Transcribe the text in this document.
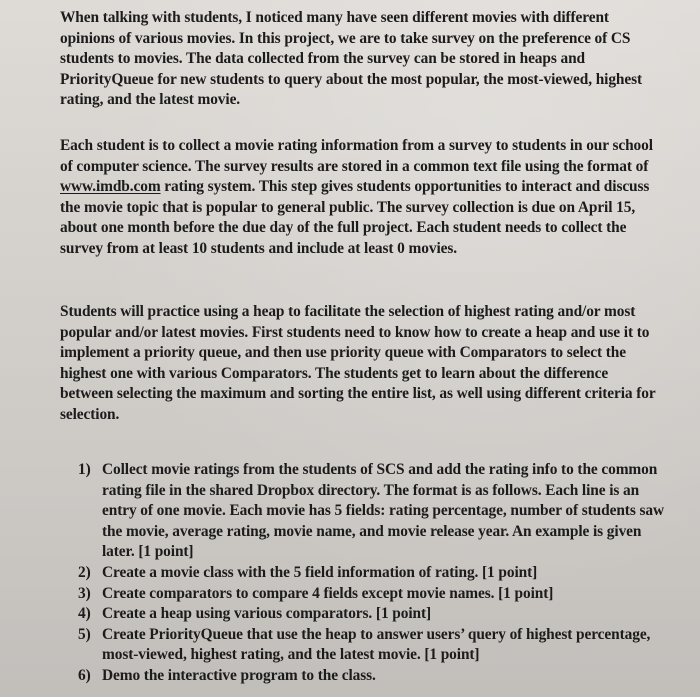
When talking with students, I noticed many have seen different movies with different opinions of various movies. In this project, we are to take survey on the preference of CS students to movies. The data collected from the survey can be stored in heaps and PriorityQueue for new students to query about the most popular, the most-viewed, highest rating, and the latest movie.

Each student is to collect a movie rating information from a survey to students in our school of computer science. The survey results are stored in a common text file using the format of www.imdb.com rating system. This step gives students opportunities to interact and discuss the movie topic that is popular to general public. The survey collection is due on April 15, about one month before the due day of the full project. Each student needs to collect the survey from at least 10 students and include at least 0 movies.

Students will practice using a heap to facilitate the selection of highest rating and/or most popular and/or latest movies. First students need to know how to create a heap and use it to implement a priority queue, and then use priority queue with Comparators to select the highest one with various Comparators. The students get to learn about the difference between selecting the maximum and sorting the entire list, as well using different criteria for selection.

1) Collect movie ratings from the students of SCS and add the rating info to the common rating file in the shared Dropbox directory. The format is as follows. Each line is an entry of one movie. Each movie has 5 fields: rating percentage, number of students saw the movie, average rating, movie name, and movie release year. An example is given later. [1 point]
2) Create a movie class with the 5 field information of rating. [1 point]
3) Create comparators to compare 4 fields except movie names. [1 point]
4) Create a heap using various comparators. [1 point]
5) Create PriorityQueue that use the heap to answer users’ query of highest percentage, most-viewed, highest rating, and the latest movie. [1 point]
6) Demo the interactive program to the class.
